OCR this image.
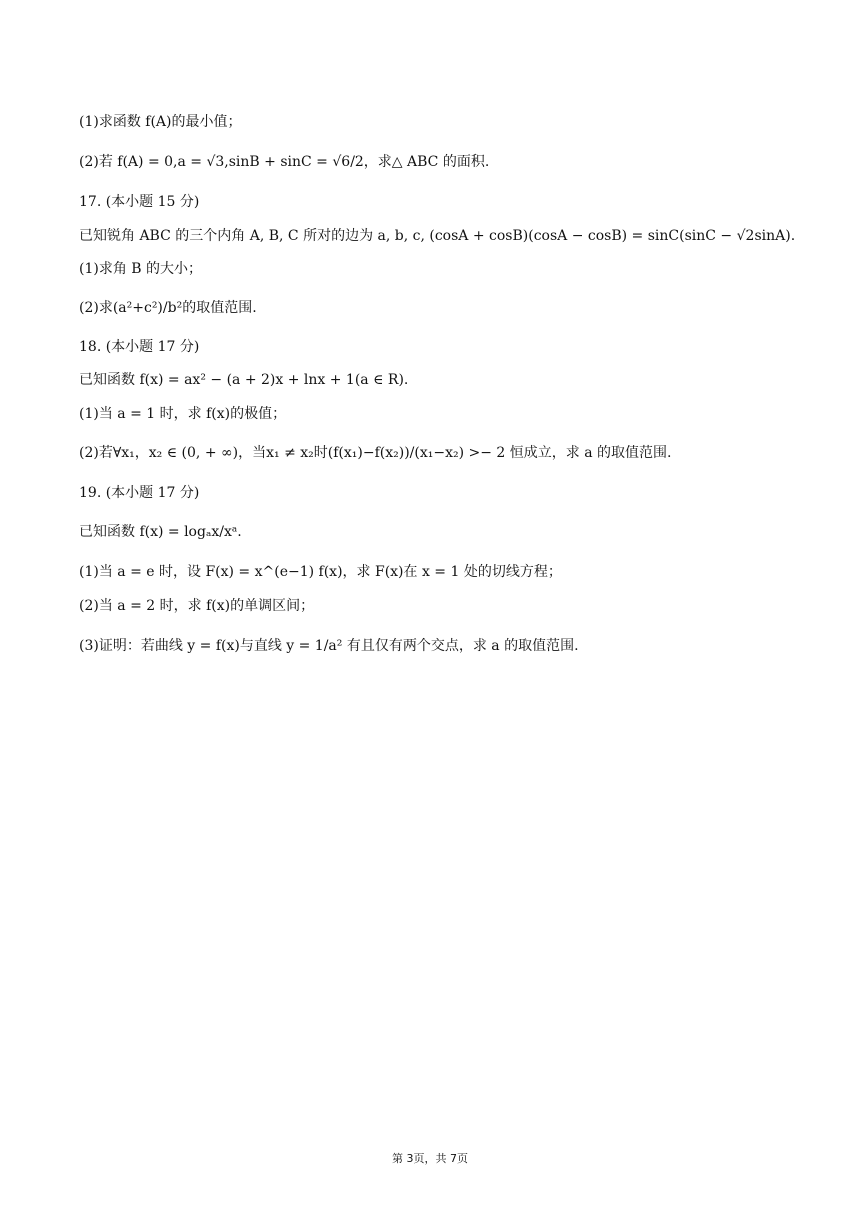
(1)求函数 f(A)的最小值；
(2)若 f(A) = 0,a = √3,sinB + sinC = √6/2，求△ ABC 的面积.
17. (本小题 15 分)
已知锐角 ABC 的三个内角 A, B, C 所对的边为 a, b, c, (cosA + cosB)(cosA − cosB) = sinC(sinC − √2sinA).
(1)求角 B 的大小；
(2)求(a²+c²)/b²的取值范围.
18. (本小题 17 分)
已知函数 f(x) = ax² − (a + 2)x + lnx + 1(a ∈ R).
(1)当 a = 1 时，求 f(x)的极值；
(2)若∀x₁，x₂ ∈ (0, + ∞)，当x₁ ≠ x₂时(f(x₁)−f(x₂))/(x₁−x₂) >− 2 恒成立，求 a 的取值范围.
19. (本小题 17 分)
已知函数 f(x) = logₐx/xᵃ.
(1)当 a = e 时，设 F(x) = x^(e−1) f(x)，求 F(x)在 x = 1 处的切线方程；
(2)当 a = 2 时，求 f(x)的单调区间；
(3)证明：若曲线 y = f(x)与直线 y = 1/a² 有且仅有两个交点，求 a 的取值范围.
第 3页，共 7页
